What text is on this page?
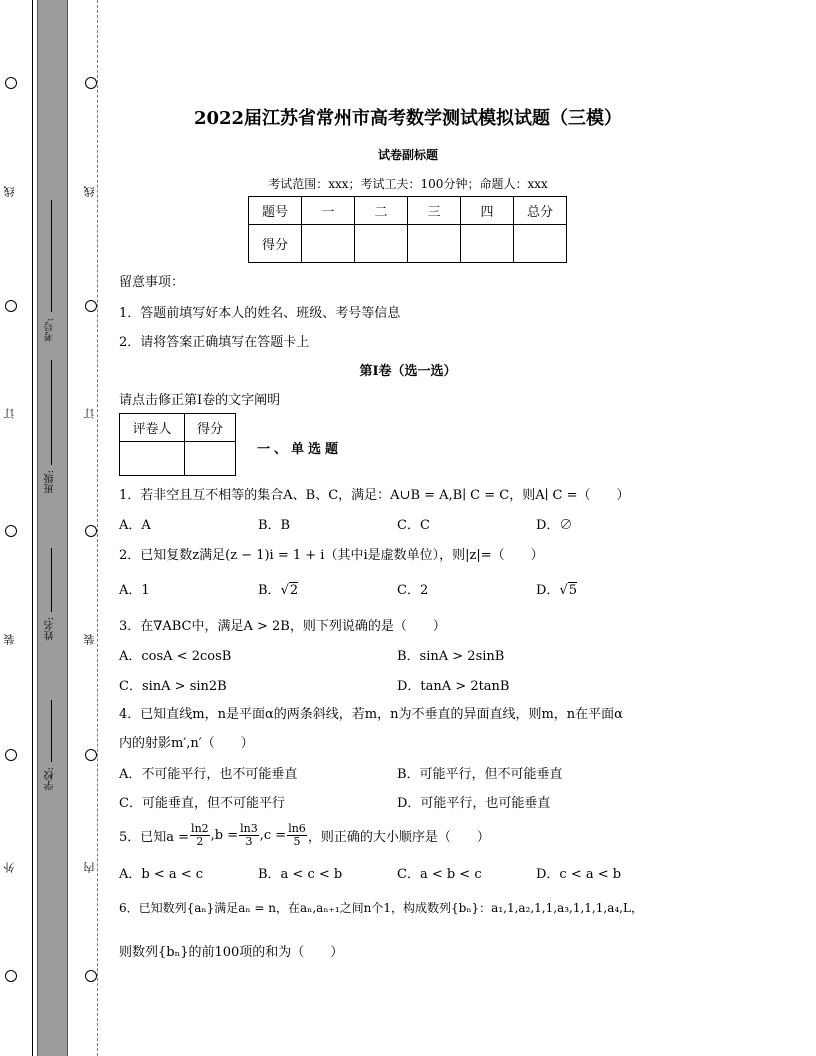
外
装
订
线
内
装
订
线
学校:
姓名:
班级:
考号:
2022届江苏省常州市高考数学测试模拟试题（三模）
试卷副标题
考试范围：xxx；考试工夫：100分钟；命题人：xxx
题号	一	二	三	四	总分
得分					
留意事项：
1．答题前填写好本人的姓名、班级、考号等信息
2．请将答案正确填写在答题卡上
第I卷（选一选）
请点击修正第I卷的文字阐明
评卷人	得分

一、单选题
1．若非空且互不相等的集合A、B、C，满足：A∪B = A,B∣ C = C，则A∣ C =（　　）
A．A	B．B	C．C	D．∅
2．已知复数z满足(z − 1)i = 1 + i（其中i是虚数单位），则|z|=（　　）
A．1	B．√2	C．2	D．√5
3．在∇ABC中，满足A > 2B，则下列说确的是（　　）
A．cosA < 2cosB	B．sinA > 2sinB
C．sinA > sin2B	D．tanA > 2tanB
4．已知直线m，n是平面α的两条斜线，若m，n为不垂直的异面直线，则m，n在平面α
内的射影m′,n′（　　）
A．不可能平行，也不可能垂直	B．可能平行，但不可能垂直
C．可能垂直，但不可能平行	D．可能平行，也可能垂直
5．已知$a = \frac{\ln 2}{2} ,b = \frac{\ln 3}{3} ,c = \frac{\ln 6}{5}$ ，则正确的大小顺序是（　　）
A．b < a < c	B．a < c < b	C．a < b < c	D．c < a < b
6．已知数列{aₙ}满足aₙ = n，在aₙ,aₙ₊₁之间n个1，构成数列{bₙ}：a₁,1,a₂,1,1,a₃,1,1,1,a₄,L，
则数列{bₙ}的前100项的和为（　　）
